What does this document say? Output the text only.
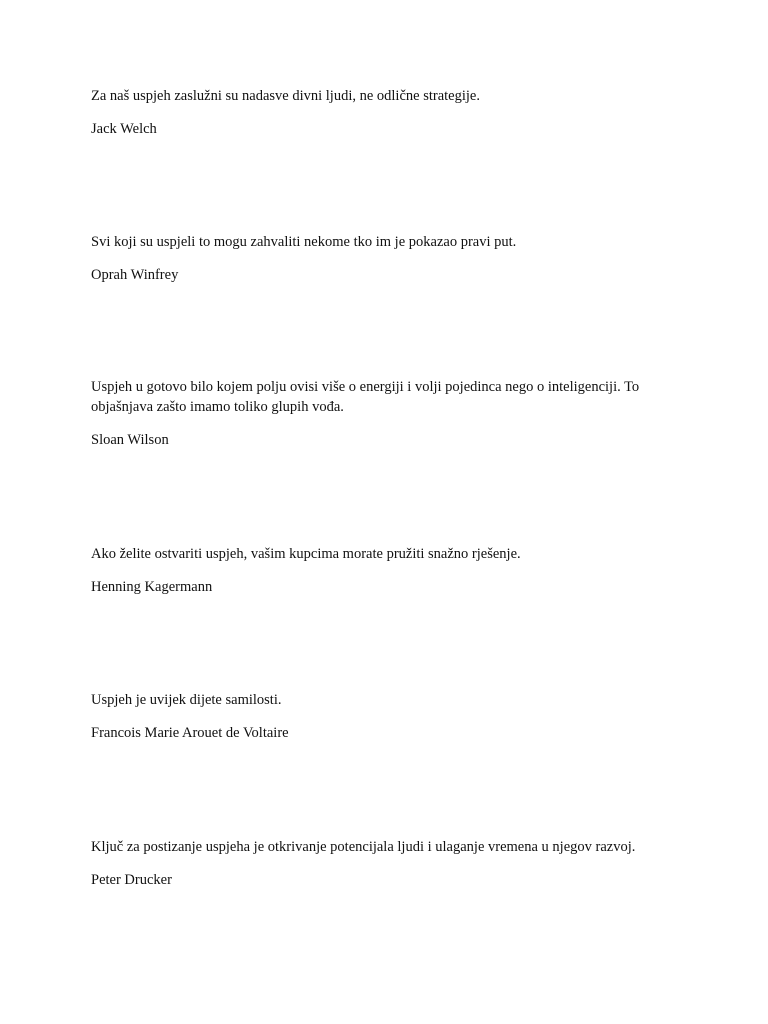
Za naš uspjeh zaslužni su nadasve divni ljudi, ne odlične strategije.

Jack Welch

Svi koji su uspjeli to mogu zahvaliti nekome tko im je pokazao pravi put.

Oprah Winfrey

Uspjeh u gotovo bilo kojem polju ovisi više o energiji i volji pojedinca nego o inteligenciji. To objašnjava zašto imamo toliko glupih vođa.

Sloan Wilson

Ako želite ostvariti uspjeh, vašim kupcima morate pružiti snažno rješenje.

Henning Kagermann

Uspjeh je uvijek dijete samilosti.

Francois Marie Arouet de Voltaire

Ključ za postizanje uspjeha je otkrivanje potencijala ljudi i ulaganje vremena u njegov razvoj.

Peter Drucker
